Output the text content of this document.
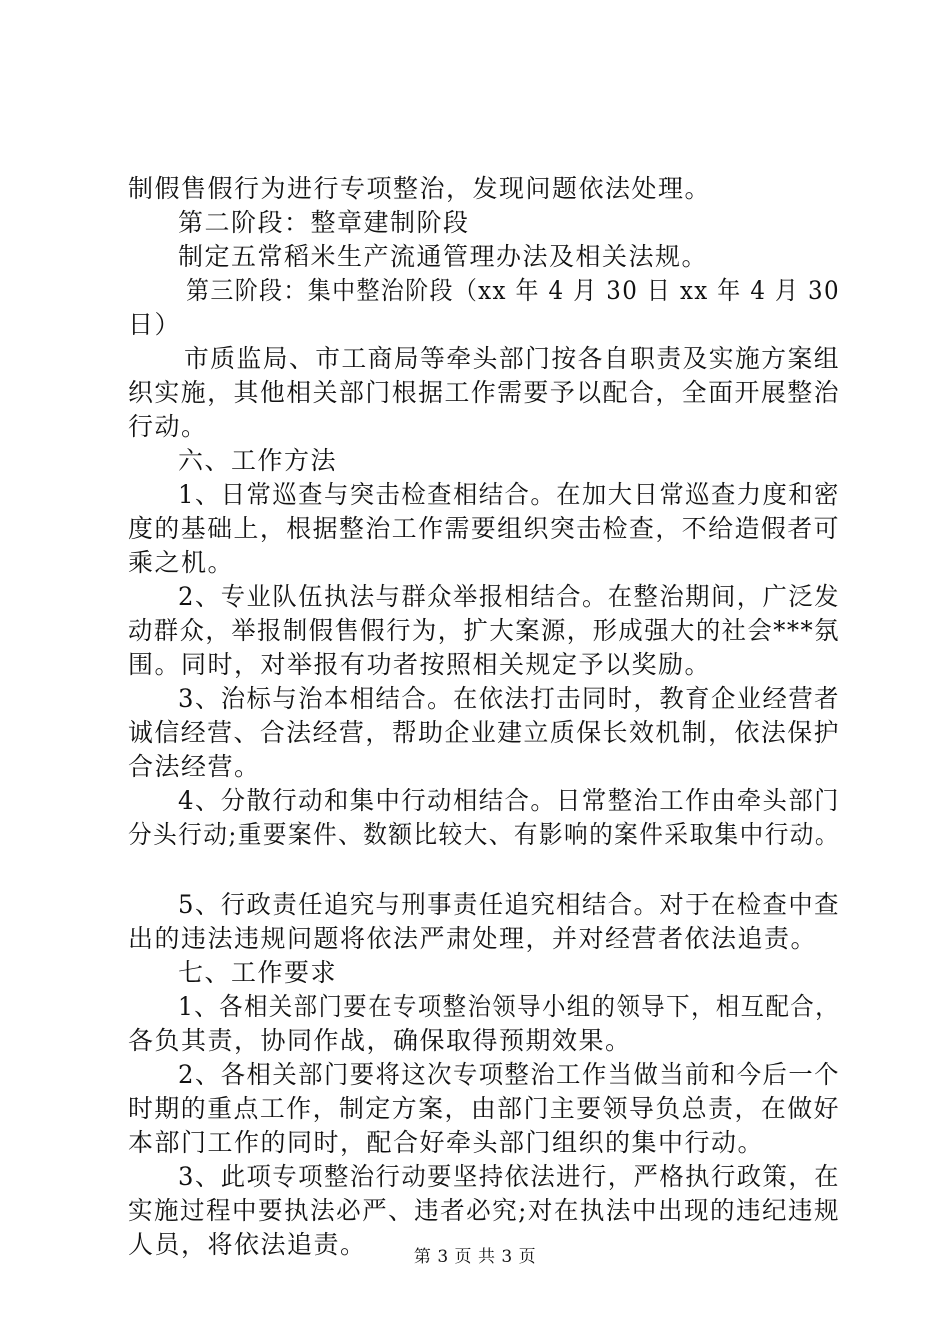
制假售假行为进行专项整治，发现问题依法处理。
第二阶段：整章建制阶段
制定五常稻米生产流通管理办法及相关法规。
第三阶段：集中整治阶段（xx 年 4 月 30 日 xx 年 4 月 30
日）
市质监局、市工商局等牵头部门按各自职责及实施方案组
织实施，其他相关部门根据工作需要予以配合，全面开展整治
行动。
六、工作方法
1、日常巡查与突击检查相结合。在加大日常巡查力度和密
度的基础上，根据整治工作需要组织突击检查，不给造假者可
乘之机。
2、专业队伍执法与群众举报相结合。在整治期间，广泛发
动群众，举报制假售假行为，扩大案源，形成强大的社会***氛
围。同时，对举报有功者按照相关规定予以奖励。
3、治标与治本相结合。在依法打击同时，教育企业经营者
诚信经营、合法经营，帮助企业建立质保长效机制，依法保护
合法经营。
4、分散行动和集中行动相结合。日常整治工作由牵头部门
分头行动;重要案件、数额比较大、有影响的案件采取集中行动。
5、行政责任追究与刑事责任追究相结合。对于在检查中查
出的违法违规问题将依法严肃处理，并对经营者依法追责。
七、工作要求
1、各相关部门要在专项整治领导小组的领导下，相互配合，
各负其责，协同作战，确保取得预期效果。
2、各相关部门要将这次专项整治工作当做当前和今后一个
时期的重点工作，制定方案，由部门主要领导负总责，在做好
本部门工作的同时，配合好牵头部门组织的集中行动。
3、此项专项整治行动要坚持依法进行，严格执行政策，在
实施过程中要执法必严、违者必究;对在执法中出现的违纪违规
人员，将依法追责。	第 3 页 共 3 页
